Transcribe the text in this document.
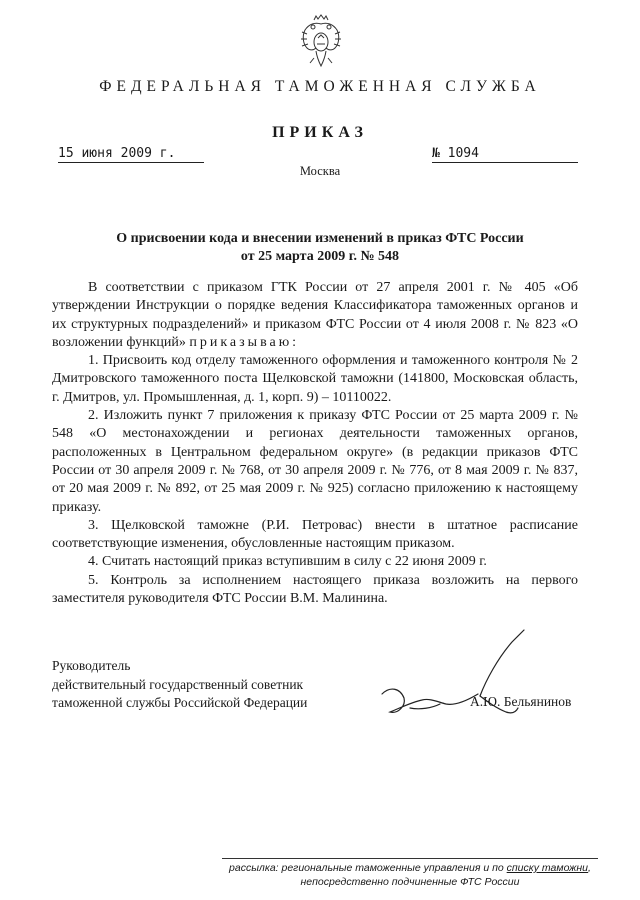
ФЕДЕРАЛЬНАЯ ТАМОЖЕННАЯ СЛУЖБА
ПРИКАЗ
15 июня 2009 г.	№ 1094
Москва
О присвоении кода и внесении изменений в приказ ФТС России
от 25 марта 2009 г. № 548

В соответствии с приказом ГТК России от 27 апреля 2001 г. № 405 «Об утверждении Инструкции о порядке ведения Классификатора таможенных органов и их структурных подразделений» и приказом ФТС России от 4 июля 2008 г. № 823 «О возложении функций» приказываю:

1. Присвоить код отделу таможенного оформления и таможенного контроля № 2 Дмитровского таможенного поста Щелковской таможни (141800, Московская область, г. Дмитров, ул. Промышленная, д. 1, корп. 9) – 10110022.

2. Изложить пункт 7 приложения к приказу ФТС России от 25 марта 2009 г. № 548 «О местонахождении и регионах деятельности таможенных органов, расположенных в Центральном федеральном округе» (в редакции приказов ФТС России от 30 апреля 2009 г. № 768, от 30 апреля 2009 г. № 776, от 8 мая 2009 г. № 837, от 20 мая 2009 г. № 892, от 25 мая 2009 г. № 925) согласно приложению к настоящему приказу.

3. Щелковской таможне (Р.И. Петровас) внести в штатное расписание соответствующие изменения, обусловленные настоящим приказом.

4. Считать настоящий приказ вступившим в силу с 22 июня 2009 г.

5. Контроль за исполнением настоящего приказа возложить на первого заместителя руководителя ФТС России В.М. Малинина.

Руководитель
действительный государственный советник
таможенной службы Российской Федерации	А.Ю. Бельянинов
рассылка: региональные таможенные управления и по списку таможни,
непосредственно подчиненные ФТС России
